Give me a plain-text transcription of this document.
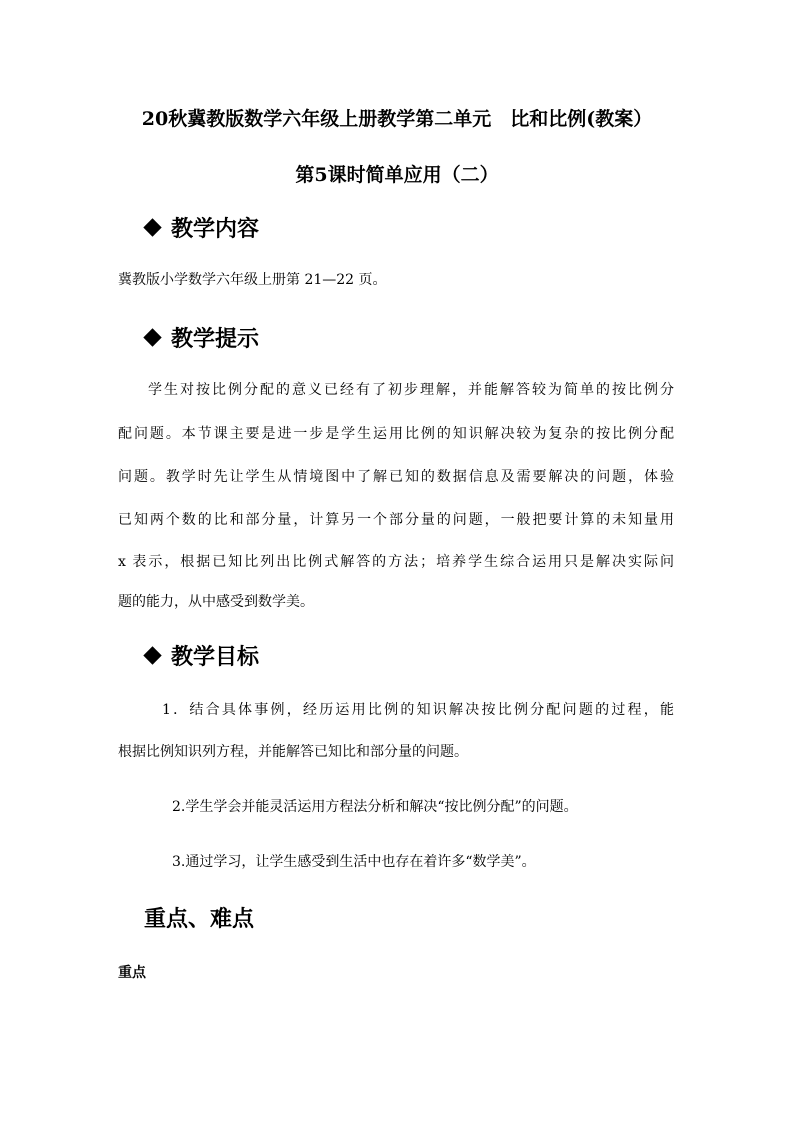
20秋冀教版数学六年级上册教学第二单元　比和比例(教案）
第5课时简单应用（二）
教学内容
冀教版小学数学六年级上册第 21—22 页。
教学提示
学生对按比例分配的意义已经有了初步理解，并能解答较为简单的按比例分
配问题。本节课主要是进一步是学生运用比例的知识解决较为复杂的按比例分配
问题。教学时先让学生从情境图中了解已知的数据信息及需要解决的问题，体验
已知两个数的比和部分量，计算另一个部分量的问题，一般把要计算的未知量用
x 表示，根据已知比列出比例式解答的方法；培养学生综合运用只是解决实际问
题的能力，从中感受到数学美。
教学目标
1．结合具体事例，经历运用比例的知识解决按比例分配问题的过程，能
根据比例知识列方程，并能解答已知比和部分量的问题。
2.学生学会并能灵活运用方程法分析和解决“按比例分配”的问题。
3.通过学习，让学生感受到生活中也存在着许多“数学美”。
重点、难点
重点
